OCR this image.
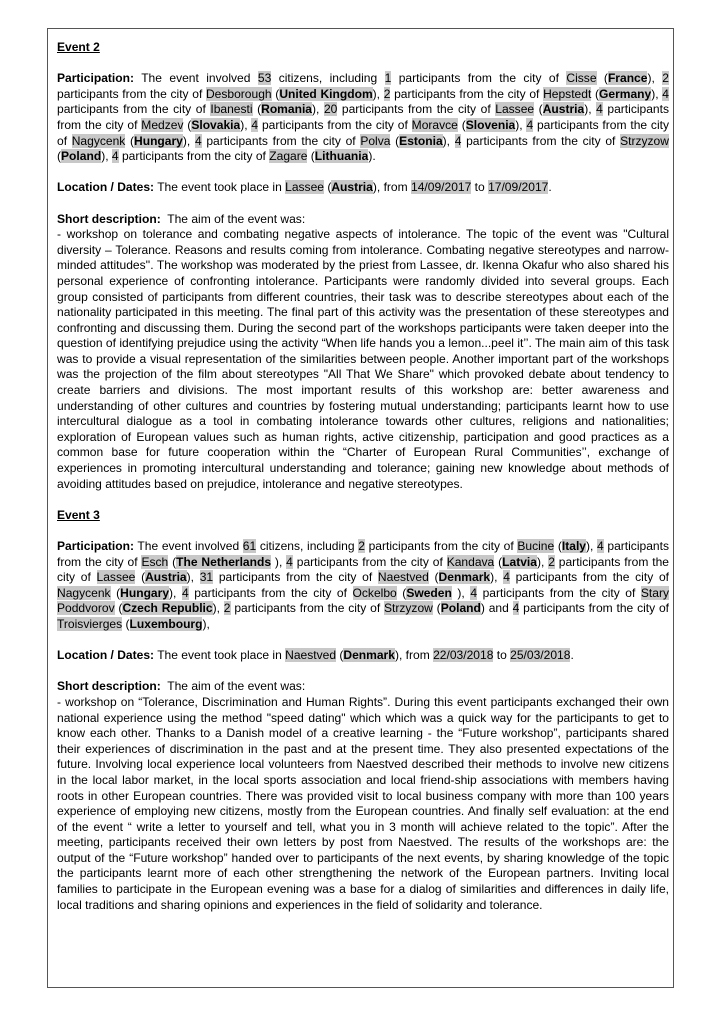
Event 2

Participation: The event involved 53 citizens, including 1 participants from the city of Cisse (France), 2 participants from the city of Desborough (United Kingdom), 2 participants from the city of Hepstedt (Germany), 4 participants from the city of Ibanesti (Romania), 20 participants from the city of Lassee (Austria), 4 participants from the city of Medzev (Slovakia), 4 participants from the city of Moravce (Slovenia), 4 participants from the city of Nagycenk (Hungary), 4 participants from the city of Polva (Estonia), 4 participants from the city of Strzyzow (Poland), 4 participants from the city of Zagare (Lithuania).

Location / Dates: The event took place in Lassee (Austria), from 14/09/2017 to 17/09/2017.

Short description: The aim of the event was:
- workshop on tolerance and combating negative aspects of intolerance. The topic of the event was "Cultural diversity – Tolerance. Reasons and results coming from intolerance. Combating negative stereotypes and narrow-minded attitudes''. The workshop was moderated by the priest from Lassee, dr. Ikenna Okafur who also shared his personal experience of confronting intolerance. Participants were randomly divided into several groups. Each group consisted of participants from different countries, their task was to describe stereotypes about each of the nationality participated in this meeting. The final part of this activity was the presentation of these stereotypes and confronting and discussing them. During the second part of the workshops participants were taken deeper into the question of identifying prejudice using the activity “When life hands you a lemon...peel it’’. The main aim of this task was to provide a visual representation of the similarities between people. Another important part of the workshops was the projection of the film about stereotypes "All That We Share" which provoked debate about tendency to create barriers and divisions. The most important results of this workshop are: better awareness and understanding of other cultures and countries by fostering mutual understanding; participants learnt how to use intercultural dialogue as a tool in combating intolerance towards other cultures, religions and nationalities; exploration of European values such as human rights, active citizenship, participation and good practices as a common base for future cooperation within the “Charter of European Rural Communities’’, exchange of experiences in promoting intercultural understanding and tolerance; gaining new knowledge about methods of avoiding attitudes based on prejudice, intolerance and negative stereotypes.

Event 3

Participation: The event involved 61 citizens, including 2 participants from the city of Bucine (Italy), 4 participants from the city of Esch (The Netherlands ), 4 participants from the city of Kandava (Latvia), 2 participants from the city of Lassee (Austria), 31 participants from the city of Naestved (Denmark), 4 participants from the city of Nagycenk (Hungary), 4 participants from the city of Ockelbo (Sweden ), 4 participants from the city of Stary Poddvorov (Czech Republic), 2 participants from the city of Strzyzow (Poland) and 4 participants from the city of Troisvierges (Luxembourg),

Location / Dates: The event took place in Naestved (Denmark), from 22/03/2018 to 25/03/2018.

Short description: The aim of the event was:
- workshop on “Tolerance, Discrimination and Human Rights”. During this event participants exchanged their own national experience using the method "speed dating" which which was a quick way for the participants to get to know each other. Thanks to a Danish model of a creative learning - the “Future workshop”, participants shared their experiences of discrimination in the past and at the present time. They also presented expectations of the future. Involving local experience local volunteers from Naestved described their methods to involve new citizens in the local labor market, in the local sports association and local friend-ship associations with members having roots in other European countries. There was provided visit to local business company with more than 100 years experience of employing new citizens, mostly from the European countries. And finally self evaluation: at the end of the event “ write a letter to yourself and tell, what you in 3 month will achieve related to the topic”. After the meeting, participants received their own letters by post from Naestved. The results of the workshops are: the output of the “Future workshop” handed over to participants of the next events, by sharing knowledge of the topic the participants learnt more of each other strengthening the network of the European partners. Inviting local families to participate in the European evening was a base for a dialog of similarities and differences in daily life, local traditions and sharing opinions and experiences in the field of solidarity and tolerance.
